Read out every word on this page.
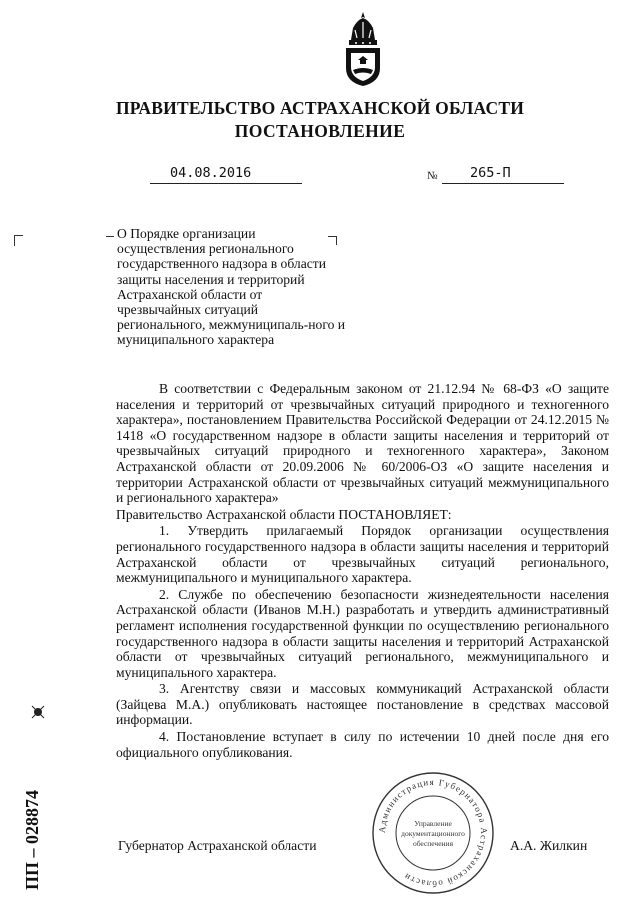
ПРАВИТЕЛЬСТВО АСТРАХАНСКОЙ ОБЛАСТИ
ПОСТАНОВЛЕНИЕ
04.08.2016	№ 265-П
О Порядке организации осуществления регионального государственного надзора в области защиты населения и территорий Астраханской области от чрезвычайных ситуаций регионального, межмуниципаль-ного и муниципального характера

В соответствии с Федеральным законом от 21.12.94 № 68-ФЗ «О защите населения и территорий от чрезвычайных ситуаций природного и техногенного характера», постановлением Правительства Российской Федерации от 24.12.2015 № 1418 «О государственном надзоре в области защиты населения и территорий от чрезвычайных ситуаций природного и техногенного характера», Законом Астраханской области от 20.09.2006 № 60/2006-ОЗ «О защите населения и территории Астраханской области от чрезвычайных ситуаций межмуниципального и регионального характера»

Правительство Астраханской области ПОСТАНОВЛЯЕТ:

1. Утвердить прилагаемый Порядок организации осуществления регионального государственного надзора в области защиты населения и территорий Астраханской области от чрезвычайных ситуаций регионального, межмуниципального и муниципального характера.

2. Службе по обеспечению безопасности жизнедеятельности населения Астраханской области (Иванов М.Н.) разработать и утвердить административный регламент исполнения государственной функции по осуществлению регионального государственного надзора в области защиты населения и территорий Астраханской области от чрезвычайных ситуаций регионального, межмуниципального и муниципального характера.

3. Агентству связи и массовых коммуникаций Астраханской области (Зайцева М.А.) опубликовать настоящее постановление в средствах массовой информации.

4. Постановление вступает в силу по истечении 10 дней после дня его официального опубликования.

Администрация Губернатора Астраханской области
Управление
документационного
обеспечения
Губернатор Астраханской области	А.А. Жилкин
ПП – 028874
